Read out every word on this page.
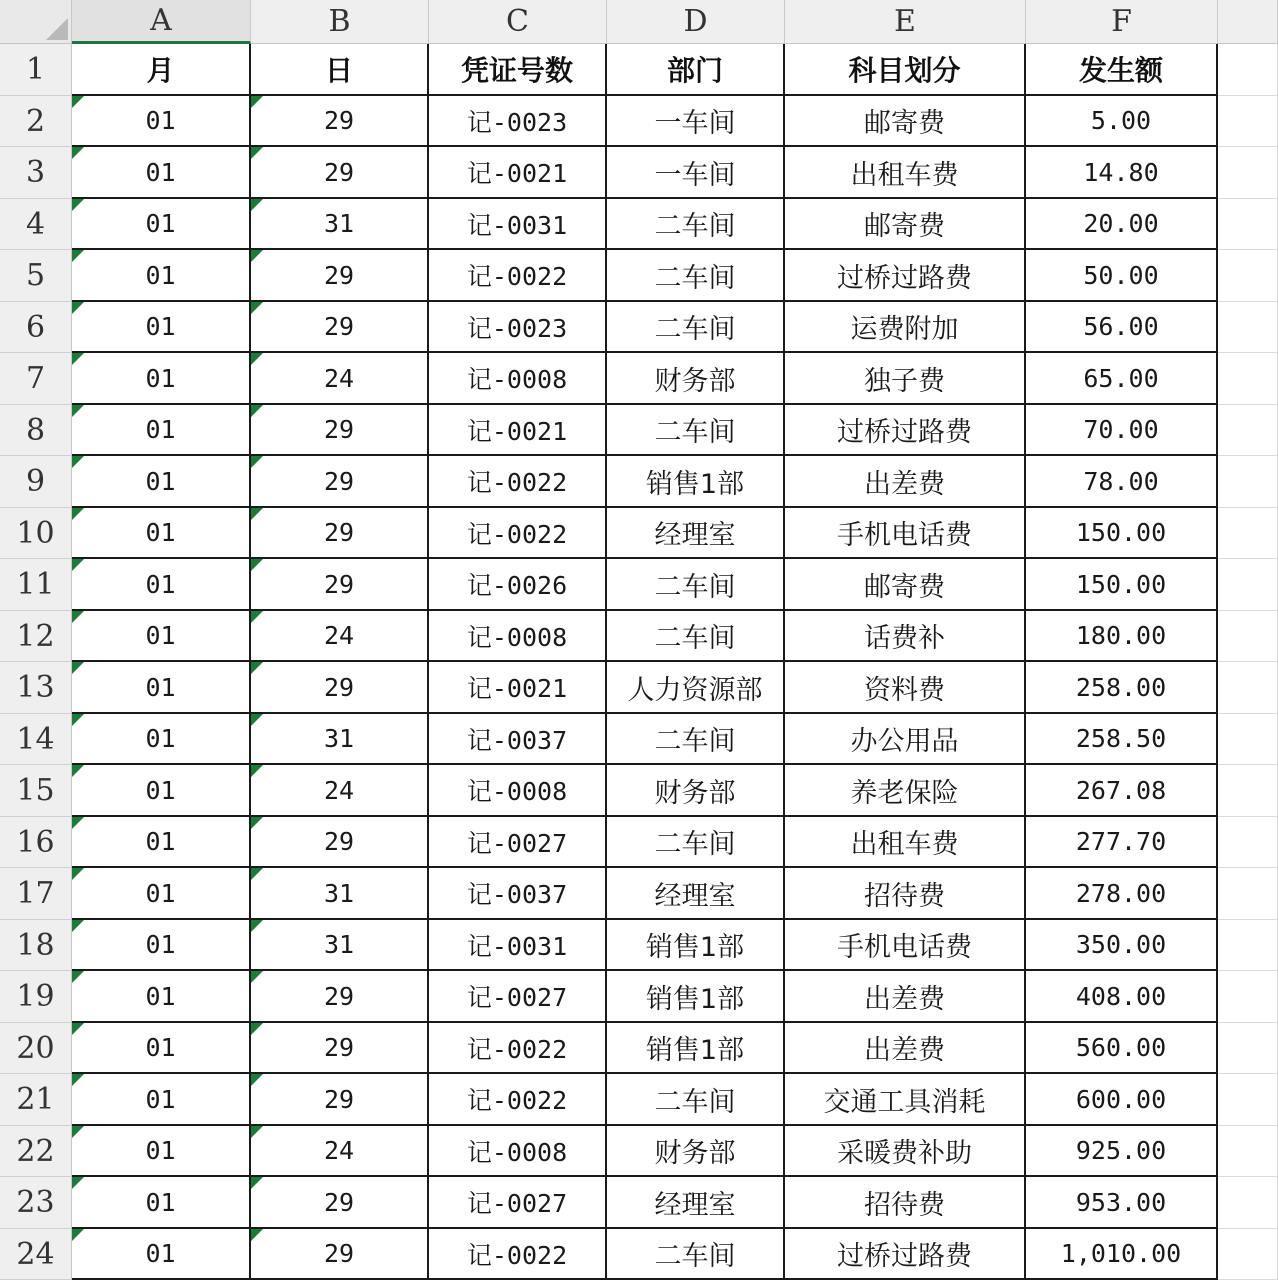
A	B	C	D	E	F
1	月	日	凭证号数	部门	科目划分	发生额
2	01	29	记-0023	一车间	邮寄费	5.00
3	01	29	记-0021	一车间	出租车费	14.80
4	01	31	记-0031	二车间	邮寄费	20.00
5	01	29	记-0022	二车间	过桥过路费	50.00
6	01	29	记-0023	二车间	运费附加	56.00
7	01	24	记-0008	财务部	独子费	65.00
8	01	29	记-0021	二车间	过桥过路费	70.00
9	01	29	记-0022	销售1部	出差费	78.00
10	01	29	记-0022	经理室	手机电话费	150.00
11	01	29	记-0026	二车间	邮寄费	150.00
12	01	24	记-0008	二车间	话费补	180.00
13	01	29	记-0021 人力资源部	资料费	258.00
14	01	31	记-0037	二车间	办公用品	258.50
15	01	24	记-0008	财务部	养老保险	267.08
16	01	29	记-0027	二车间	出租车费	277.70
17	01	31	记-0037	经理室	招待费	278.00
18	01	31	记-0031	销售1部	手机电话费	350.00
19	01	29	记-0027	销售1部	出差费	408.00
20	01	29	记-0022	销售1部	出差费	560.00
21	01	29	记-0022	二车间	交通工具消耗	600.00
22	01	24	记-0008	财务部	采暖费补助	925.00
23	01	29	记-0027	经理室	招待费	953.00
24	01	29	记-0022	二车间	过桥过路费	1,010.00
